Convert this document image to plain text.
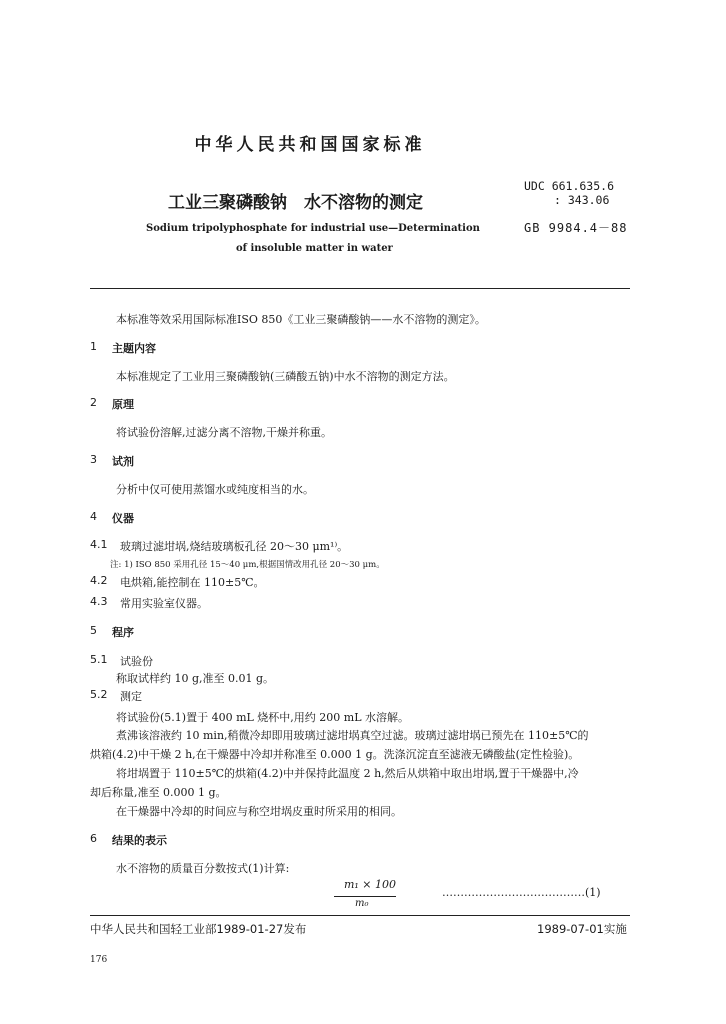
中华人民共和国国家标准
工业三聚磷酸钠　水不溶物的测定
Sodium tripolyphosphate for industrial use—Determination
of insoluble matter in water
UDC 661.635.6
: 343.06
GB 9984.4－88
本标准等效采用国际标准ISO 850《工业三聚磷酸钠——水不溶物的测定》。
1 主题内容
本标准规定了工业用三聚磷酸钠(三磷酸五钠)中水不溶物的测定方法。
2 原理
将试验份溶解,过滤分离不溶物,干燥并称重。
3 试剂
分析中仅可使用蒸馏水或纯度相当的水。
4 仪器
4.1 玻璃过滤坩埚,烧结玻璃板孔径 20～30 μm¹⁾。
注: 1) ISO 850 采用孔径 15～40 μm,根据国情改用孔径 20～30 μm。
4.2 电烘箱,能控制在 110±5℃。
4.3 常用实验室仪器。
5 程序
5.1 试验份
称取试样约 10 g,准至 0.01 g。
5.2 测定
将试验份(5.1)置于 400 mL 烧杯中,用约 200 mL 水溶解。
煮沸该溶液约 10 min,稍微冷却即用玻璃过滤坩埚真空过滤。玻璃过滤坩埚已预先在 110±5℃的
烘箱(4.2)中干燥 2 h,在干燥器中冷却并称准至 0.000 1 g。洗涤沉淀直至滤液无磷酸盐(定性检验)。
将坩埚置于 110±5℃的烘箱(4.2)中并保持此温度 2 h,然后从烘箱中取出坩埚,置于干燥器中,冷
却后称量,准至 0.000 1 g。
在干燥器中冷却的时间应与称空坩埚皮重时所采用的相同。
6 结果的表示
水不溶物的质量百分数按式(1)计算:
m₁ × 100
m₀
…………………………………(1)
中华人民共和国轻工业部1989-01-27发布	1989-07-01实施
176
